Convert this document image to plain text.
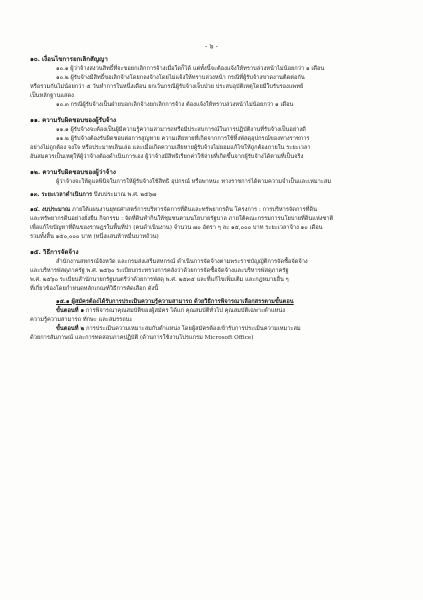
- ๖ -

๑๐. เงื่อนไขการยกเลิกสัญญา

๑๐.๑ ผู้ว่าจ้างสงวนสิทธิ์ที่จะขอยกเลิกการจ้างเมื่อใดก็ได้ แต่ทั้งนี้จะต้องแจ้งให้ทราบล่วงหน้าไม่น้อยกว่า ๑ เดือน

๑๐.๒ ผู้รับจ้างมีสิทธิ์ขอเลิกจ้างโดยกลงจ้างโดยไม่แจ้งให้ทราบล่วงหน้า กรณีที่ผู้รับจ้างขาดงานติดต่อกัน

หรือรวมกันไม่น้อยกว่า ๕ วันทำการในหนึ่งเดือน ยกเว้นกรณีผู้รับจ้างเจ็บป่วย ประสบอุบัติเหตุโดยมีใบรับรองแพทย์

เป็นหลักฐานแสดง

๑๐.๓ กรณีผู้รับจ้างเป็นฝ่ายบอกเลิกจ้างยกเลิกการจ้าง ต้องแจ้งให้ทราบล่วงหน้าไม่น้อยกว่า ๑ เดือน

๑๑. ความรับผิดชอบของผู้รับจ้าง

๑๑.๑ ผู้รับจ้างจะต้องเป็นผู้มีความรู้ความสามารถหรือมีประสบการณ์ในการปฏิบัติงานที่รับจ้างเป็นอย่างดี

๑๑.๒ ผู้รับจ้างต้องรับผิดชอบต่อการสูญหาย ความเสียหายที่เกิดจากการใช้ทิ้งพัสดุอุปกรณ์ของทางราชการ

อย่างไม่ถูกต้อง จงใจ หรือประมาทเลินเล่อ และเมื่อเกิดความเสียหายผู้รับจ้างไม่ยอมแก้ไขให้ถูกต้องภายใน ระยะเวลา

อันสมควรเป็นเหตุให้ผู้ว่าจ้างต้องดำเนินการเอง ผู้ว่าจ้างมีสิทธิเรียกค่าใช้จ่ายที่เกิดขึ้นจากผู้รับจ้างได้ตามที่เป็นจริง

๑๒. ความรับผิดชอบของผู้ว่าจ้าง

ผู้ว่าจ้างจะให้ดูแลพินิจในการให้ผู้รับจ้างใช้สิทธิ อุปกรณ์ หรือพาหนะ ทางราชการได้ตามความจำเป็นและเหมาะสม

๑๓. ระยะเวลาดำเนินการ ปีงบประมาณ พ.ศ. ๒๕๖๗

๑๔. งบประมาณ ภายใต้แผนงานยุทธศาสตร์การบริหารจัดการที่ดินและทรัพยากรดิน โครงการ : การบริหารจัดการที่ดิน

และทรัพยากรดินอย่างยั่งยืน กิจกรรม : จัดที่ดินทำกินให้ชุมชนตามนโยบายรัฐบาล ภายใต้คณะกรรมการนโยบายที่ดินแห่งชาติ

เพื่อแก้ไขปัญหาที่ดินของราษฎรในพื้นที่ป่า (คนดำเนินงาน) จำนวน ๗๐ อัตรา ๆ ละ ๑๕,๐๐๐ บาท ระยะเวลาจ้าง ๑๐ เดือน

รวมทั้งสิ้น ๑๕๐,๐๐๐ บาท (หนึ่งแสนห้าหมื่นบาทถ้วน)

๑๕. วิธีการจัดจ้าง

สำนักงานสหกรณ์จังหวัด และกรมส่งเสริมสหกรณ์ ดำเนินการจัดจ้างตามพระราชบัญญัติการจัดซื้อจัดจ้าง

และบริหารพัสดุภาครัฐ พ.ศ. ๒๕๖๐ ระเบียบกระทรวงการคลังว่าด้วยการจัดซื้อจัดจ้างและบริหารพัสดุภาครัฐ

พ.ศ. ๒๕๖๐ ระเบียบสำนักนายกรัฐมนตรีว่าด้วยการพัสดุ พ.ศ. ๒๕๓๕ และที่แก้ไขเพิ่มเติม และกฎหมายอื่น ๆ

ที่เกี่ยวข้องโดยกำหนดหลักเกณฑ์วิธีการคัดเลือก ดังนี้

๑๕.๑ ผู้สมัครต้องได้รับการประเมินความรู้ความสามารถ ด้วยวิธีการพิจารณาเลือกสรรตามขั้นตอน

ขั้นตอนที่ ๑ การพิจารณาคุณสมบัติของผู้สมัคร ได้แก่ คุณสมบัติทั่วไป คุณสมบัติเฉพาะตำแหน่ง

ความรู้ความสามารถ ทักษะ และสมรรถนะ

ขั้นตอนที่ ๒ การประเมินความเหมาะสมกับตำแหน่ง โดยผู้สมัครต้องเข้ารับการประเมินความเหมาะสม

ด้วยการสัมภาษณ์ และการทดสอบภาคปฏิบัติ (ด้านการใช้งานโปรแกรม Microsoft Office)
